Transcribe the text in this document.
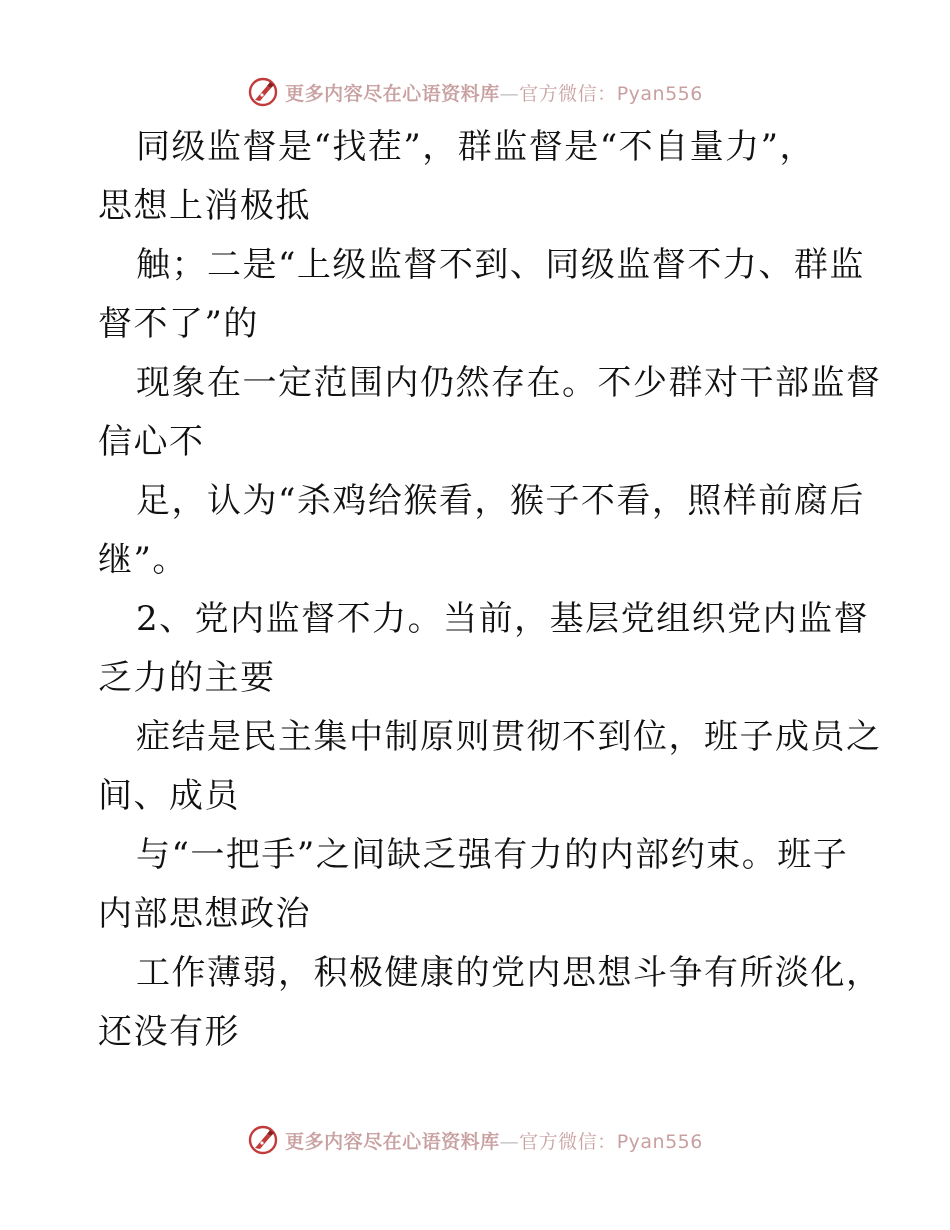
更多内容尽在心语资料库—官方微信：Pyan556
同级监督是“找茬”，群监督是“不自量力”，
思想上消极抵
触；二是“上级监督不到、同级监督不力、群监
督不了”的
现象在一定范围内仍然存在。不少群对干部监督
信心不
足，认为“杀鸡给猴看，猴子不看，照样前腐后
继”。
2、党内监督不力。当前，基层党组织党内监督
乏力的主要
症结是民主集中制原则贯彻不到位，班子成员之
间、成员
与“一把手”之间缺乏强有力的内部约束。班子
内部思想政治
工作薄弱，积极健康的党内思想斗争有所淡化，
还没有形
更多内容尽在心语资料库—官方微信：Pyan556
